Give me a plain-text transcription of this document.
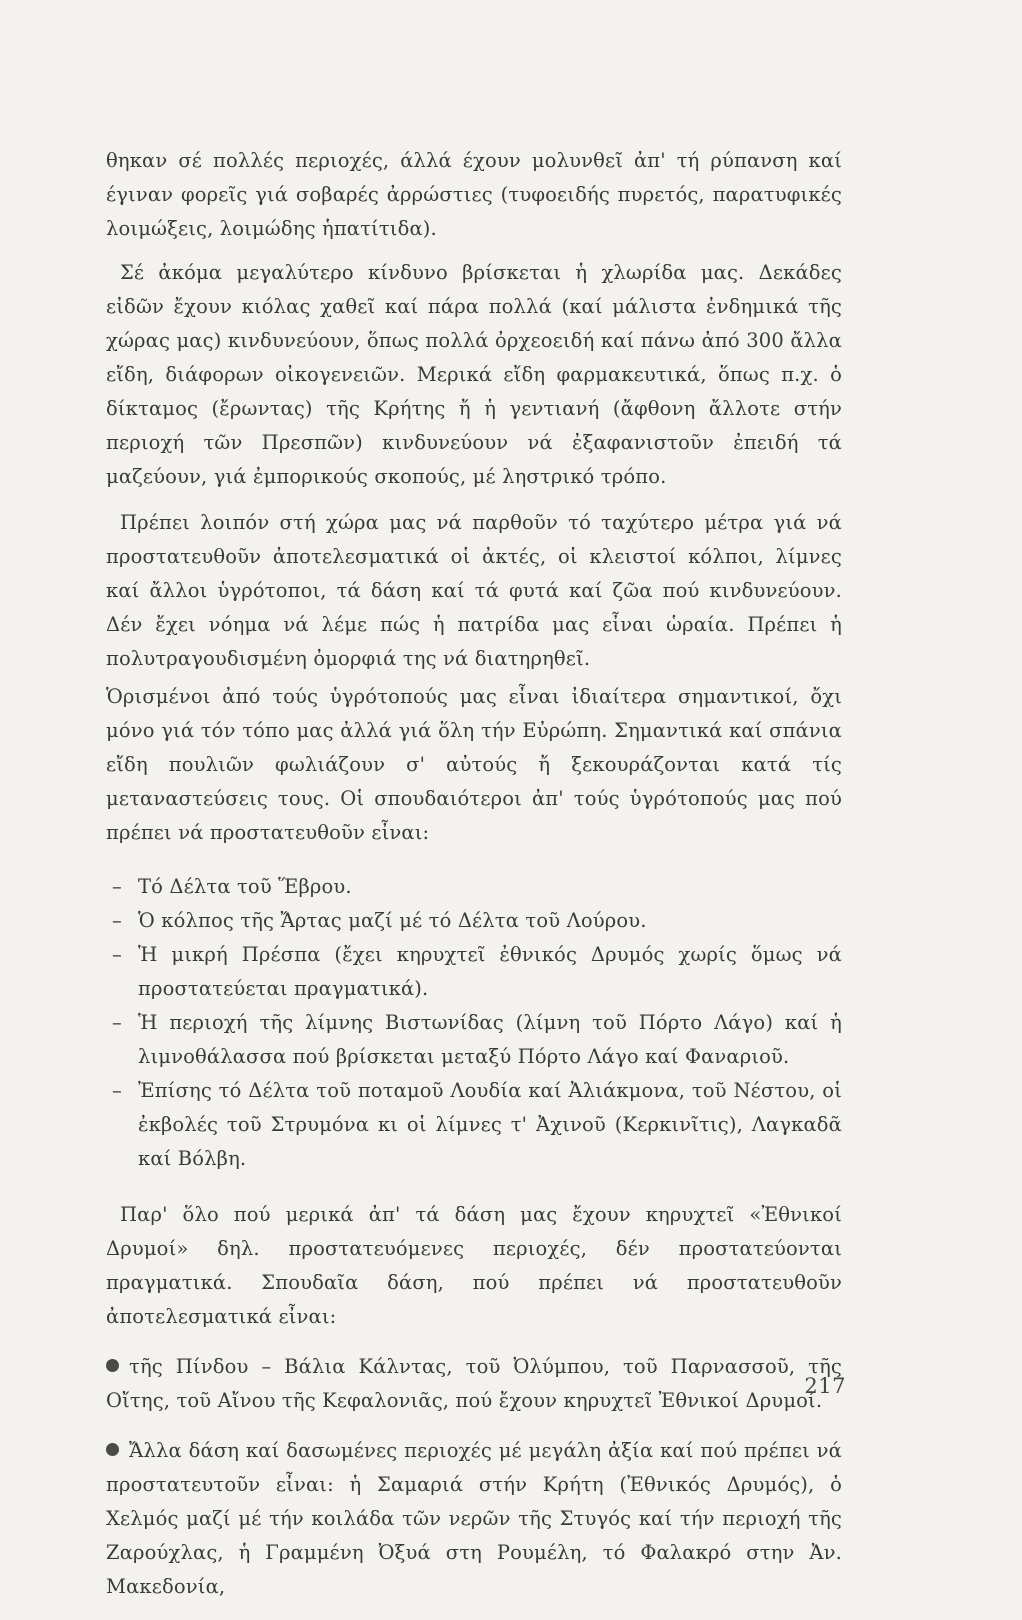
θηκαν σέ πολλές περιοχές, άλλά έχουν μολυνθεῖ ἀπ' τή ρύπανση καί έγιναν φορεῖς γιά σοβαρές ἀρρώστιες (τυφοειδής πυρετός, παρατυφικές λοιμώξεις, λοιμώδης ἡπατίτιδα).

Σέ ἀκόμα μεγαλύτερο κίνδυνο βρίσκεται ἡ χλωρίδα μας. Δεκάδες εἰδῶν ἔχουν κιόλας χαθεῖ καί πάρα πολλά (καί μάλιστα ἐνδημικά τῆς χώρας μας) κινδυνεύουν, ὅπως πολλά ὀρχεοειδή καί πάνω ἀπό 300 ἄλλα εἴδη, διάφορων οἰκογενειῶν. Μερικά εἴδη φαρμακευτικά, ὅπως π.χ. ὁ δίκταμος (ἔρωντας) τῆς Κρήτης ἤ ἡ γεντιανή (ἄφθονη ἄλλοτε στήν περιοχή τῶν Πρεσπῶν) κινδυνεύουν νά ἐξαφανιστοῦν ἐπειδή τά μαζεύουν, γιά ἐμπορικούς σκοπούς, μέ ληστρικό τρόπο.

Πρέπει λοιπόν στή χώρα μας νά παρθοῦν τό ταχύτερο μέτρα γιά νά προστατευθοῦν ἀποτελεσματικά οἱ ἀκτές, οἱ κλειστοί κόλποι, λίμνες καί ἄλλοι ὑγρότοποι, τά δάση καί τά φυτά καί ζῶα πού κινδυνεύουν. Δέν ἔχει νόημα νά λέμε πώς ἡ πατρίδα μας εἶναι ὡραία. Πρέπει ἡ πολυτραγουδισμένη ὀμορφιά της νά διατηρηθεῖ.

Ὁρισμένοι ἀπό τούς ὑγρότοπούς μας εἶναι ἰδιαίτερα σημαντικοί, ὄχι μόνο γιά τόν τόπο μας ἀλλά γιά ὅλη τήν Εὐρώπη. Σημαντικά καί σπάνια εἴδη πουλιῶν φωλιάζουν σ' αὐτούς ἤ ξεκουράζονται κατά τίς μεταναστεύσεις τους. Οἱ σπουδαιότεροι ἀπ' τούς ὑγρότοπούς μας πού πρέπει νά προστατευθοῦν εἶναι:

– Τό Δέλτα τοῦ Ἕβρου.
– Ὁ κόλπος τῆς Ἄρτας μαζί μέ τό Δέλτα τοῦ Λούρου.
– Ἡ μικρή Πρέσπα (ἔχει κηρυχτεῖ ἐθνικός Δρυμός χωρίς ὅμως νά προστατεύεται πραγματικά).
– Ἡ περιοχή τῆς λίμνης Βιστωνίδας (λίμνη τοῦ Πόρτο Λάγο) καί ἡ λιμνοθάλασσα πού βρίσκεται μεταξύ Πόρτο Λάγο καί Φαναριοῦ.
– Ἐπίσης τό Δέλτα τοῦ ποταμοῦ Λουδία καί Ἀλιάκμονα, τοῦ Νέστου, οἱ ἐκβολές τοῦ Στρυμόνα κι οἱ λίμνες τ' Ἀχινοῦ (Κερκινῖτις), Λαγκαδᾶ καί Βόλβη.

Παρ' ὅλο πού μερικά ἀπ' τά δάση μας ἔχουν κηρυχτεῖ «Ἐθνικοί Δρυμοί» δηλ. προστατευόμενες περιοχές, δέν προστατεύονται πραγματικά. Σπουδαῖα δάση, πού πρέπει νά προστατευθοῦν ἀποτελεσματικά εἶναι:

τῆς Πίνδου – Βάλια Κάλντας, τοῦ Ὀλύμπου, τοῦ Παρνασσοῦ, τῆς Οἴτης, τοῦ Αἴνου τῆς Κεφαλονιᾶς, πού ἔχουν κηρυχτεῖ Ἐθνικοί Δρυμοί.

Ἄλλα δάση καί δασωμένες περιοχές μέ μεγάλη ἀξία καί πού πρέπει νά προστατευτοῦν εἶναι: ἡ Σαμαριά στήν Κρήτη (Ἐθνικός Δρυμός), ὁ Χελμός μαζί μέ τήν κοιλάδα τῶν νερῶν τῆς Στυγός καί τήν περιοχή τῆς Ζαρούχλας, ἡ Γραμμένη Ὀξυά στη Ρουμέλη, τό Φαλακρό στην Ἀν. Μακεδονία,

217
